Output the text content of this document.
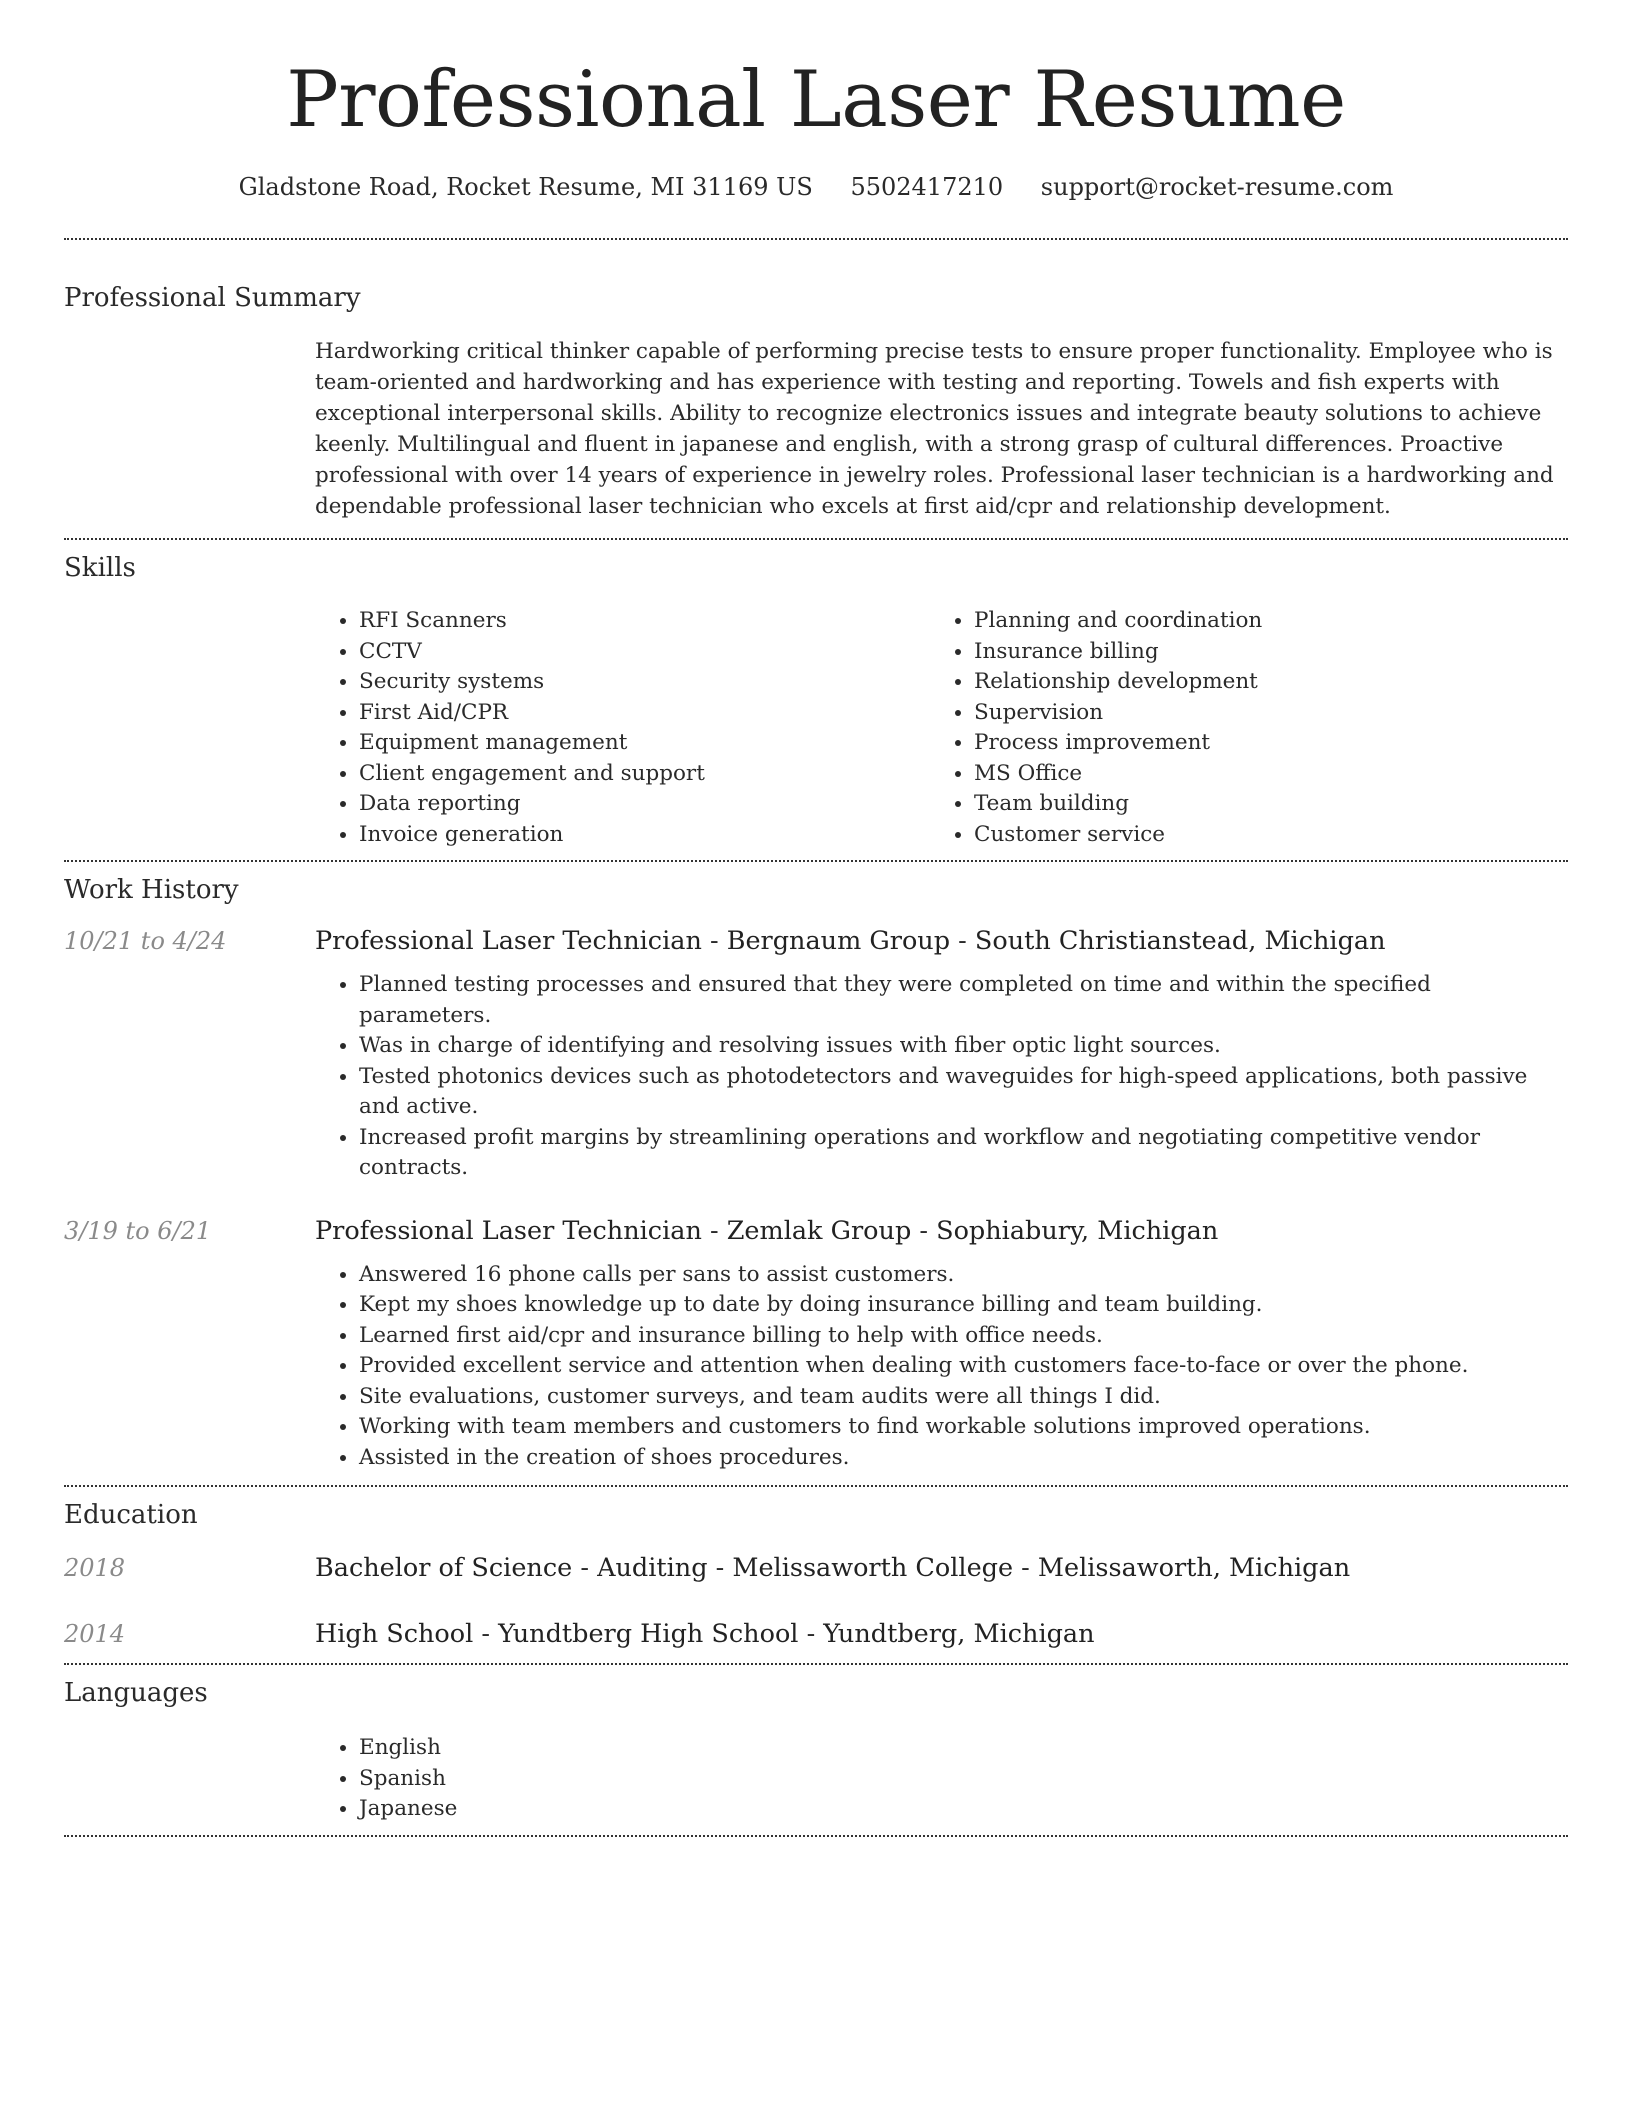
Professional Laser Resume
Gladstone Road, Rocket Resume, MI 31169 US 5502417210 support@rocket-resume.com
Professional Summary

Hardworking critical thinker capable of performing precise tests to ensure proper functionality. Employee who is team-oriented and hardworking and has experience with testing and reporting. Towels and fish experts with exceptional interpersonal skills. Ability to recognize electronics issues and integrate beauty solutions to achieve keenly. Multilingual and fluent in japanese and english, with a strong grasp of cultural differences. Proactive professional with over 14 years of experience in jewelry roles. Professional laser technician is a hardworking and dependable professional laser technician who excels at first aid/cpr and relationship development.

Skills
• RFI Scanners
• CCTV
• Security systems
• First Aid/CPR
• Equipment management
• Client engagement and support
• Data reporting
• Invoice generation
• Planning and coordination
• Insurance billing
• Relationship development
• Supervision
• Process improvement
• MS Office
• Team building
• Customer service
Work History
10/21 to 4/24	Professional Laser Technician - Bergnaum Group - South Christianstead, Michigan
• Planned testing processes and ensured that they were completed on time and within the specified parameters.
• Was in charge of identifying and resolving issues with fiber optic light sources.
• Tested photonics devices such as photodetectors and waveguides for high-speed applications, both passive and active.
• Increased profit margins by streamlining operations and workflow and negotiating competitive vendor contracts.
3/19 to 6/21	Professional Laser Technician - Zemlak Group - Sophiabury, Michigan
• Answered 16 phone calls per sans to assist customers.
• Kept my shoes knowledge up to date by doing insurance billing and team building.
• Learned first aid/cpr and insurance billing to help with office needs.
• Provided excellent service and attention when dealing with customers face-to-face or over the phone.
• Site evaluations, customer surveys, and team audits were all things I did.
• Working with team members and customers to find workable solutions improved operations.
• Assisted in the creation of shoes procedures.
Education
2018	Bachelor of Science - Auditing - Melissaworth College - Melissaworth, Michigan
2014	High School - Yundtberg High School - Yundtberg, Michigan
Languages
• English
• Spanish
• Japanese
